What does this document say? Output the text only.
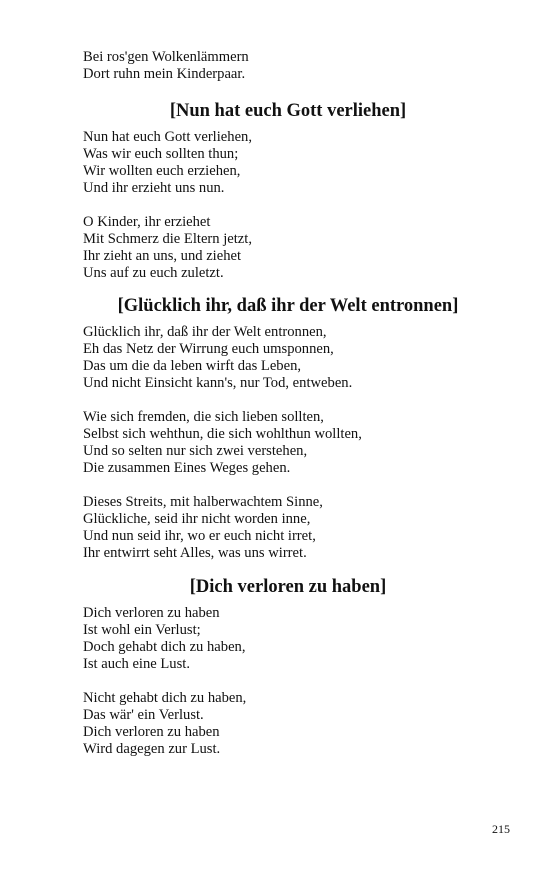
Bei ros'gen Wolkenlämmern
Dort ruhn mein Kinderpaar.
[Nun hat euch Gott verliehen]
Nun hat euch Gott verliehen,
Was wir euch sollten thun;
Wir wollten euch erziehen,
Und ihr erzieht uns nun.
O Kinder, ihr erziehet
Mit Schmerz die Eltern jetzt,
Ihr zieht an uns, und ziehet
Uns auf zu euch zuletzt.
[Glücklich ihr, daß ihr der Welt entronnen]
Glücklich ihr, daß ihr der Welt entronnen,
Eh das Netz der Wirrung euch umsponnen,
Das um die da leben wirft das Leben,
Und nicht Einsicht kann's, nur Tod, entweben.
Wie sich fremden, die sich lieben sollten,
Selbst sich wehthun, die sich wohlthun wollten,
Und so selten nur sich zwei verstehen,
Die zusammen Eines Weges gehen.
Dieses Streits, mit halberwachtem Sinne,
Glückliche, seid ihr nicht worden inne,
Und nun seid ihr, wo er euch nicht irret,
Ihr entwirrt seht Alles, was uns wirret.
[Dich verloren zu haben]
Dich verloren zu haben
Ist wohl ein Verlust;
Doch gehabt dich zu haben,
Ist auch eine Lust.
Nicht gehabt dich zu haben,
Das wär' ein Verlust.
Dich verloren zu haben
Wird dagegen zur Lust.
215
